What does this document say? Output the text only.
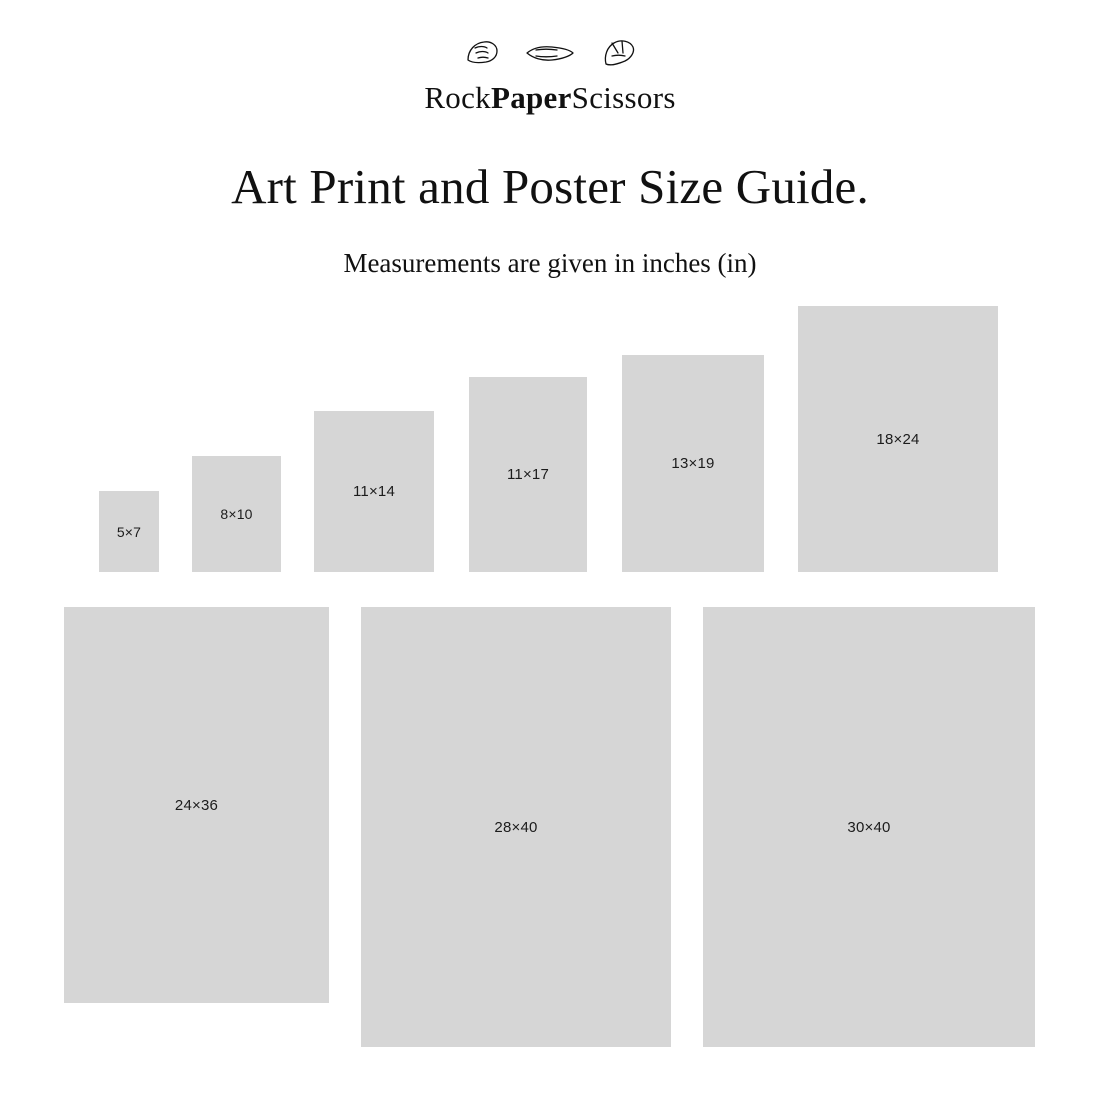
RockPaperScissors
Art Print and Poster Size Guide.
Measurements are given in inches (in)
5×7
8×10
11×14
11×17
13×19
18×24
24×36
28×40	30×40
